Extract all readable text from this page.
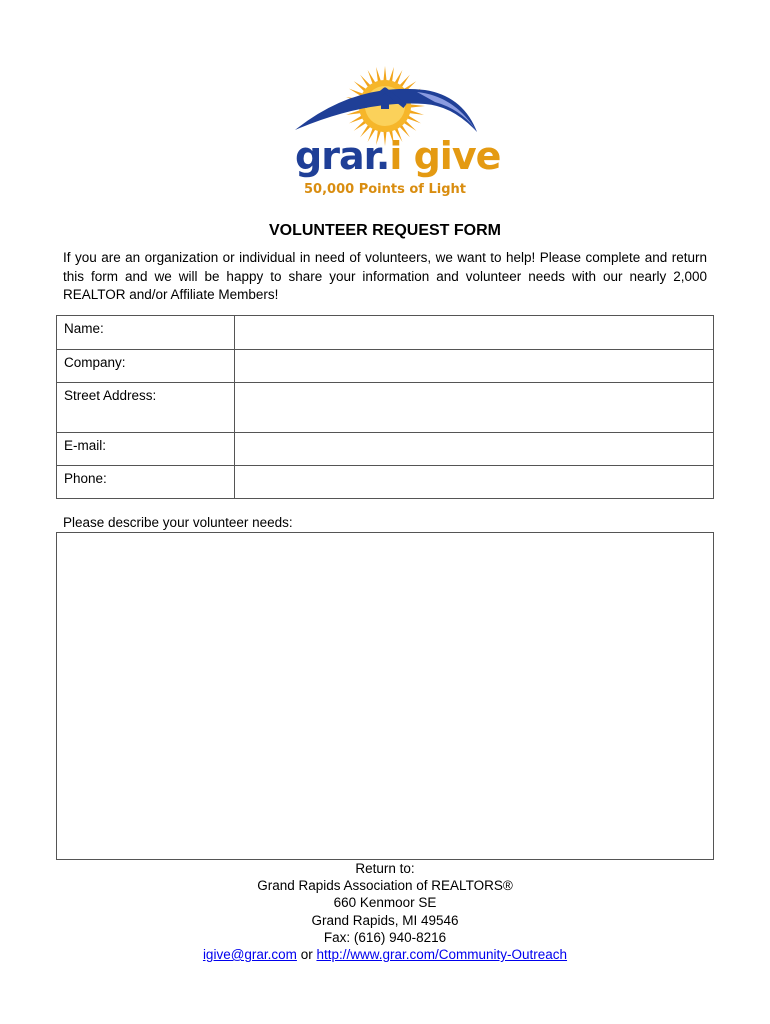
grar.i give
50,000 Points of Light
VOLUNTEER REQUEST FORM
If you are an organization or individual in need of volunteers, we want to help! Please complete and return this form and we will be happy to share your information and volunteer needs with our nearly 2,000 REALTOR and/or Affiliate Members!
Name:	
Company:	
Street Address:	
E-mail:	
Phone:	
Please describe your volunteer needs:
Return to:
Grand Rapids Association of REALTORS®
660 Kenmoor SE
Grand Rapids, MI 49546
Fax: (616) 940-8216
igive@grar.com or http://www.grar.com/Community-Outreach
